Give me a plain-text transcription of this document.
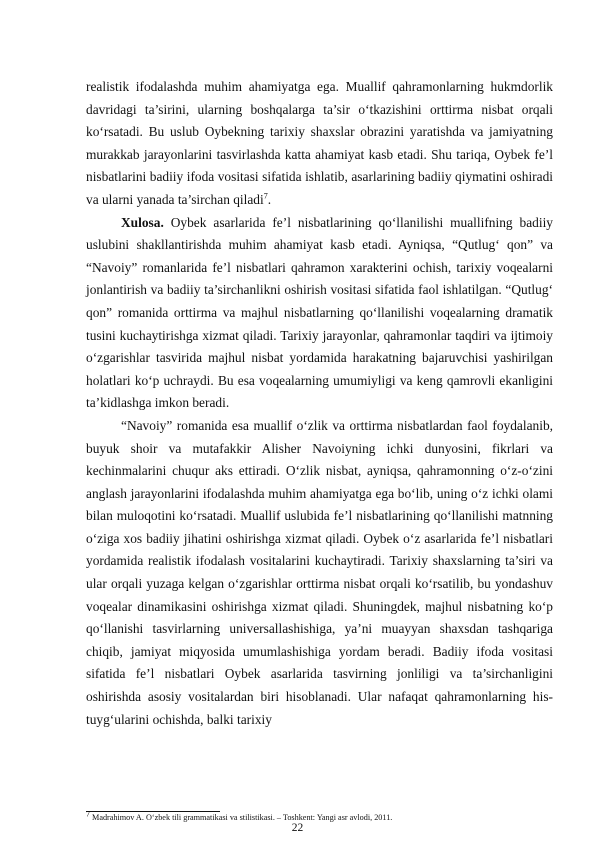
realistik ifodalashda muhim ahamiyatga ega. Muallif qahramonlarning hukmdorlik davridagi ta’sirini, ularning boshqalarga ta’sir o‘tkazishini orttirma nisbat orqali ko‘rsatadi. Bu uslub Oybekning tarixiy shaxslar obrazini yaratishda va jamiyatning murakkab jarayonlarini tasvirlashda katta ahamiyat kasb etadi. Shu tariqa, Oybek fe’l nisbatlarini badiiy ifoda vositasi sifatida ishlatib, asarlarining badiiy qiymatini oshiradi va ularni yanada ta’sirchan qiladi$^7$.

Xulosa. Oybek asarlarida fe’l nisbatlarining qo‘llanilishi muallifning badiiy uslubini shakllantirishda muhim ahamiyat kasb etadi. Ayniqsa, “Qutlug‘ qon” va “Navoiy” romanlarida fe’l nisbatlari qahramon xarakterini ochish, tarixiy voqealarni jonlantirish va badiiy ta’sirchanlikni oshirish vositasi sifatida faol ishlatilgan. “Qutlug‘ qon” romanida orttirma va majhul nisbatlarning qo‘llanilishi voqealarning dramatik tusini kuchaytirishga xizmat qiladi. Tarixiy jarayonlar, qahramonlar taqdiri va ijtimoiy o‘zgarishlar tasvirida majhul nisbat yordamida harakatning bajaruvchisi yashirilgan holatlari ko‘p uchraydi. Bu esa voqealarning umumiyligi va keng qamrovli ekanligini ta’kidlashga imkon beradi.

“Navoiy” romanida esa muallif o‘zlik va orttirma nisbatlardan faol foydalanib, buyuk shoir va mutafakkir Alisher Navoiyning ichki dunyosini, fikrlari va kechinmalarini chuqur aks ettiradi. O‘zlik nisbat, ayniqsa, qahramonning o‘z-o‘zini anglash jarayonlarini ifodalashda muhim ahamiyatga ega bo‘lib, uning o‘z ichki olami bilan muloqotini ko‘rsatadi. Muallif uslubida fe’l nisbatlarining qo‘llanilishi matnning o‘ziga xos badiiy jihatini oshirishga xizmat qiladi. Oybek o‘z asarlarida fe’l nisbatlari yordamida realistik ifodalash vositalarini kuchaytiradi. Tarixiy shaxslarning ta’siri va ular orqali yuzaga kelgan o‘zgarishlar orttirma nisbat orqali ko‘rsatilib, bu yondashuv voqealar dinamikasini oshirishga xizmat qiladi. Shuningdek, majhul nisbatning ko‘p qo‘llanishi tasvirlarning universallashishiga, ya’ni muayyan shaxsdan tashqariga chiqib, jamiyat miqyosida umumlashishiga yordam beradi. Badiiy ifoda vositasi sifatida fe’l nisbatlari Oybek asarlarida tasvirning jonliligi va ta’sirchanligini oshirishda asosiy vositalardan biri hisoblanadi. Ular nafaqat qahramonlarning his-tuyg‘ularini ochishda, balki tarixiy

$^7$ Madrahimov A. O‘zbek tili grammatikasi va stilistikasi. – Toshkent: Yangi asr avlodi, 2011.
22
